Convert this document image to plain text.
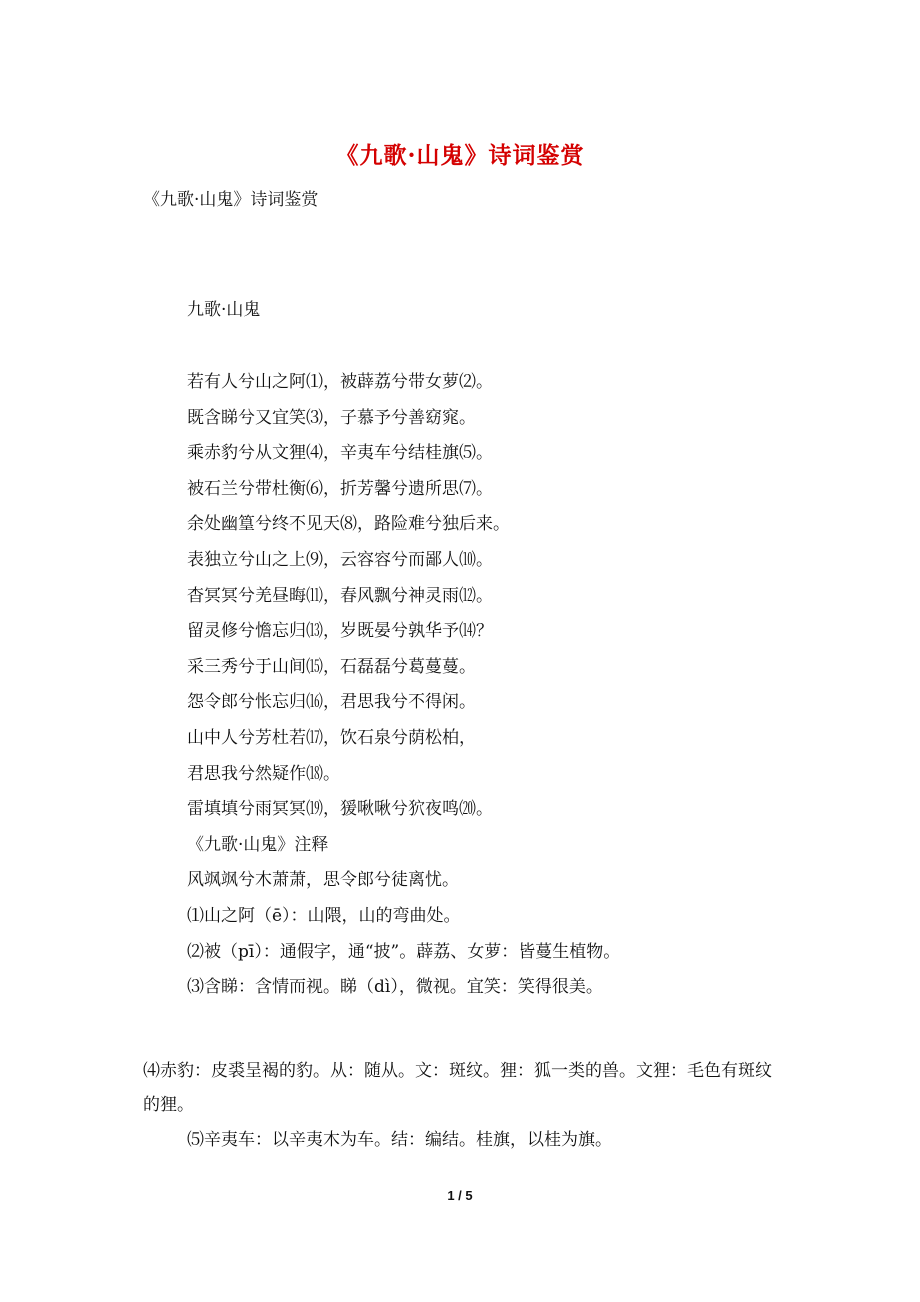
《九歌·山鬼》诗词鉴赏

《九歌·山鬼》诗词鉴赏

九歌·山鬼

若有人兮山之阿⑴，被薜荔兮带女萝⑵。
既含睇兮又宜笑⑶，子慕予兮善窈窕。
乘赤豹兮从文狸⑷，辛夷车兮结桂旗⑸。
被石兰兮带杜衡⑹，折芳馨兮遗所思⑺。
余处幽篁兮终不见天⑻，路险难兮独后来。
表独立兮山之上⑼，云容容兮而鄙人⑽。
杳冥冥兮羌昼晦⑾，春风飘兮神灵雨⑿。
留灵修兮憺忘归⒀，岁既晏兮孰华予⒁？
采三秀兮于山间⒂，石磊磊兮葛蔓蔓。
怨令郎兮怅忘归⒃，君思我兮不得闲。
山中人兮芳杜若⒄，饮石泉兮荫松柏，
君思我兮然疑作⒅。
雷填填兮雨冥冥⒆，猨啾啾兮狖夜鸣⒇。
《九歌·山鬼》注释
风飒飒兮木萧萧，思令郎兮徒离忧。
⑴山之阿（ē）：山隈，山的弯曲处。
⑵被（pī）：通假字，通“披”。薜荔、女萝：皆蔓生植物。
⑶含睇：含情而视。睇（dì），微视。宜笑：笑得很美。

⑷赤豹：皮裘呈褐的豹。从：随从。文：斑纹。狸：狐一类的兽。文狸：毛色有斑纹的狸。

⑸辛夷车：以辛夷木为车。结：编结。桂旗，以桂为旗。

1 / 5
